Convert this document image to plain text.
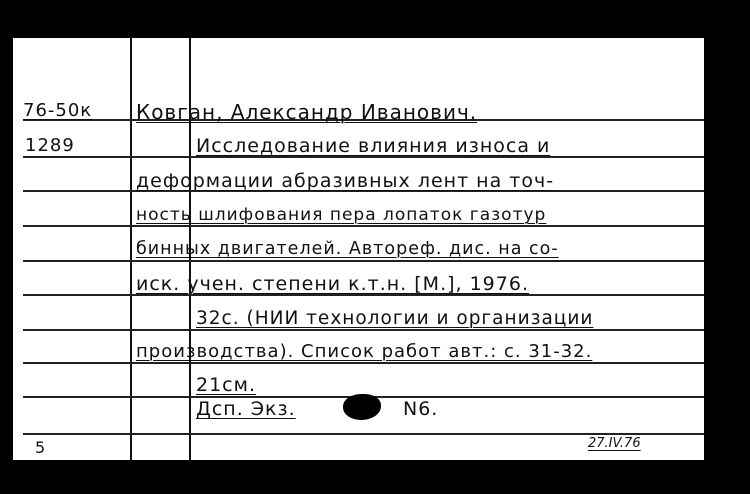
76-50к
1289
Ковган, Александр Иванович.
Исследование влияния износа и
деформации абразивных лент на точ-
ность шлифования пера лопаток газотур
бинных двигателей. Автореф. дис. на со-
иск. учен. степени к.т.н. [М.], 1976.
32с. (НИИ технологии и организации
производства). Список работ авт.: с. 31-32.
21см.
Дсп. Экз.	N6.
5	27.IV.76
